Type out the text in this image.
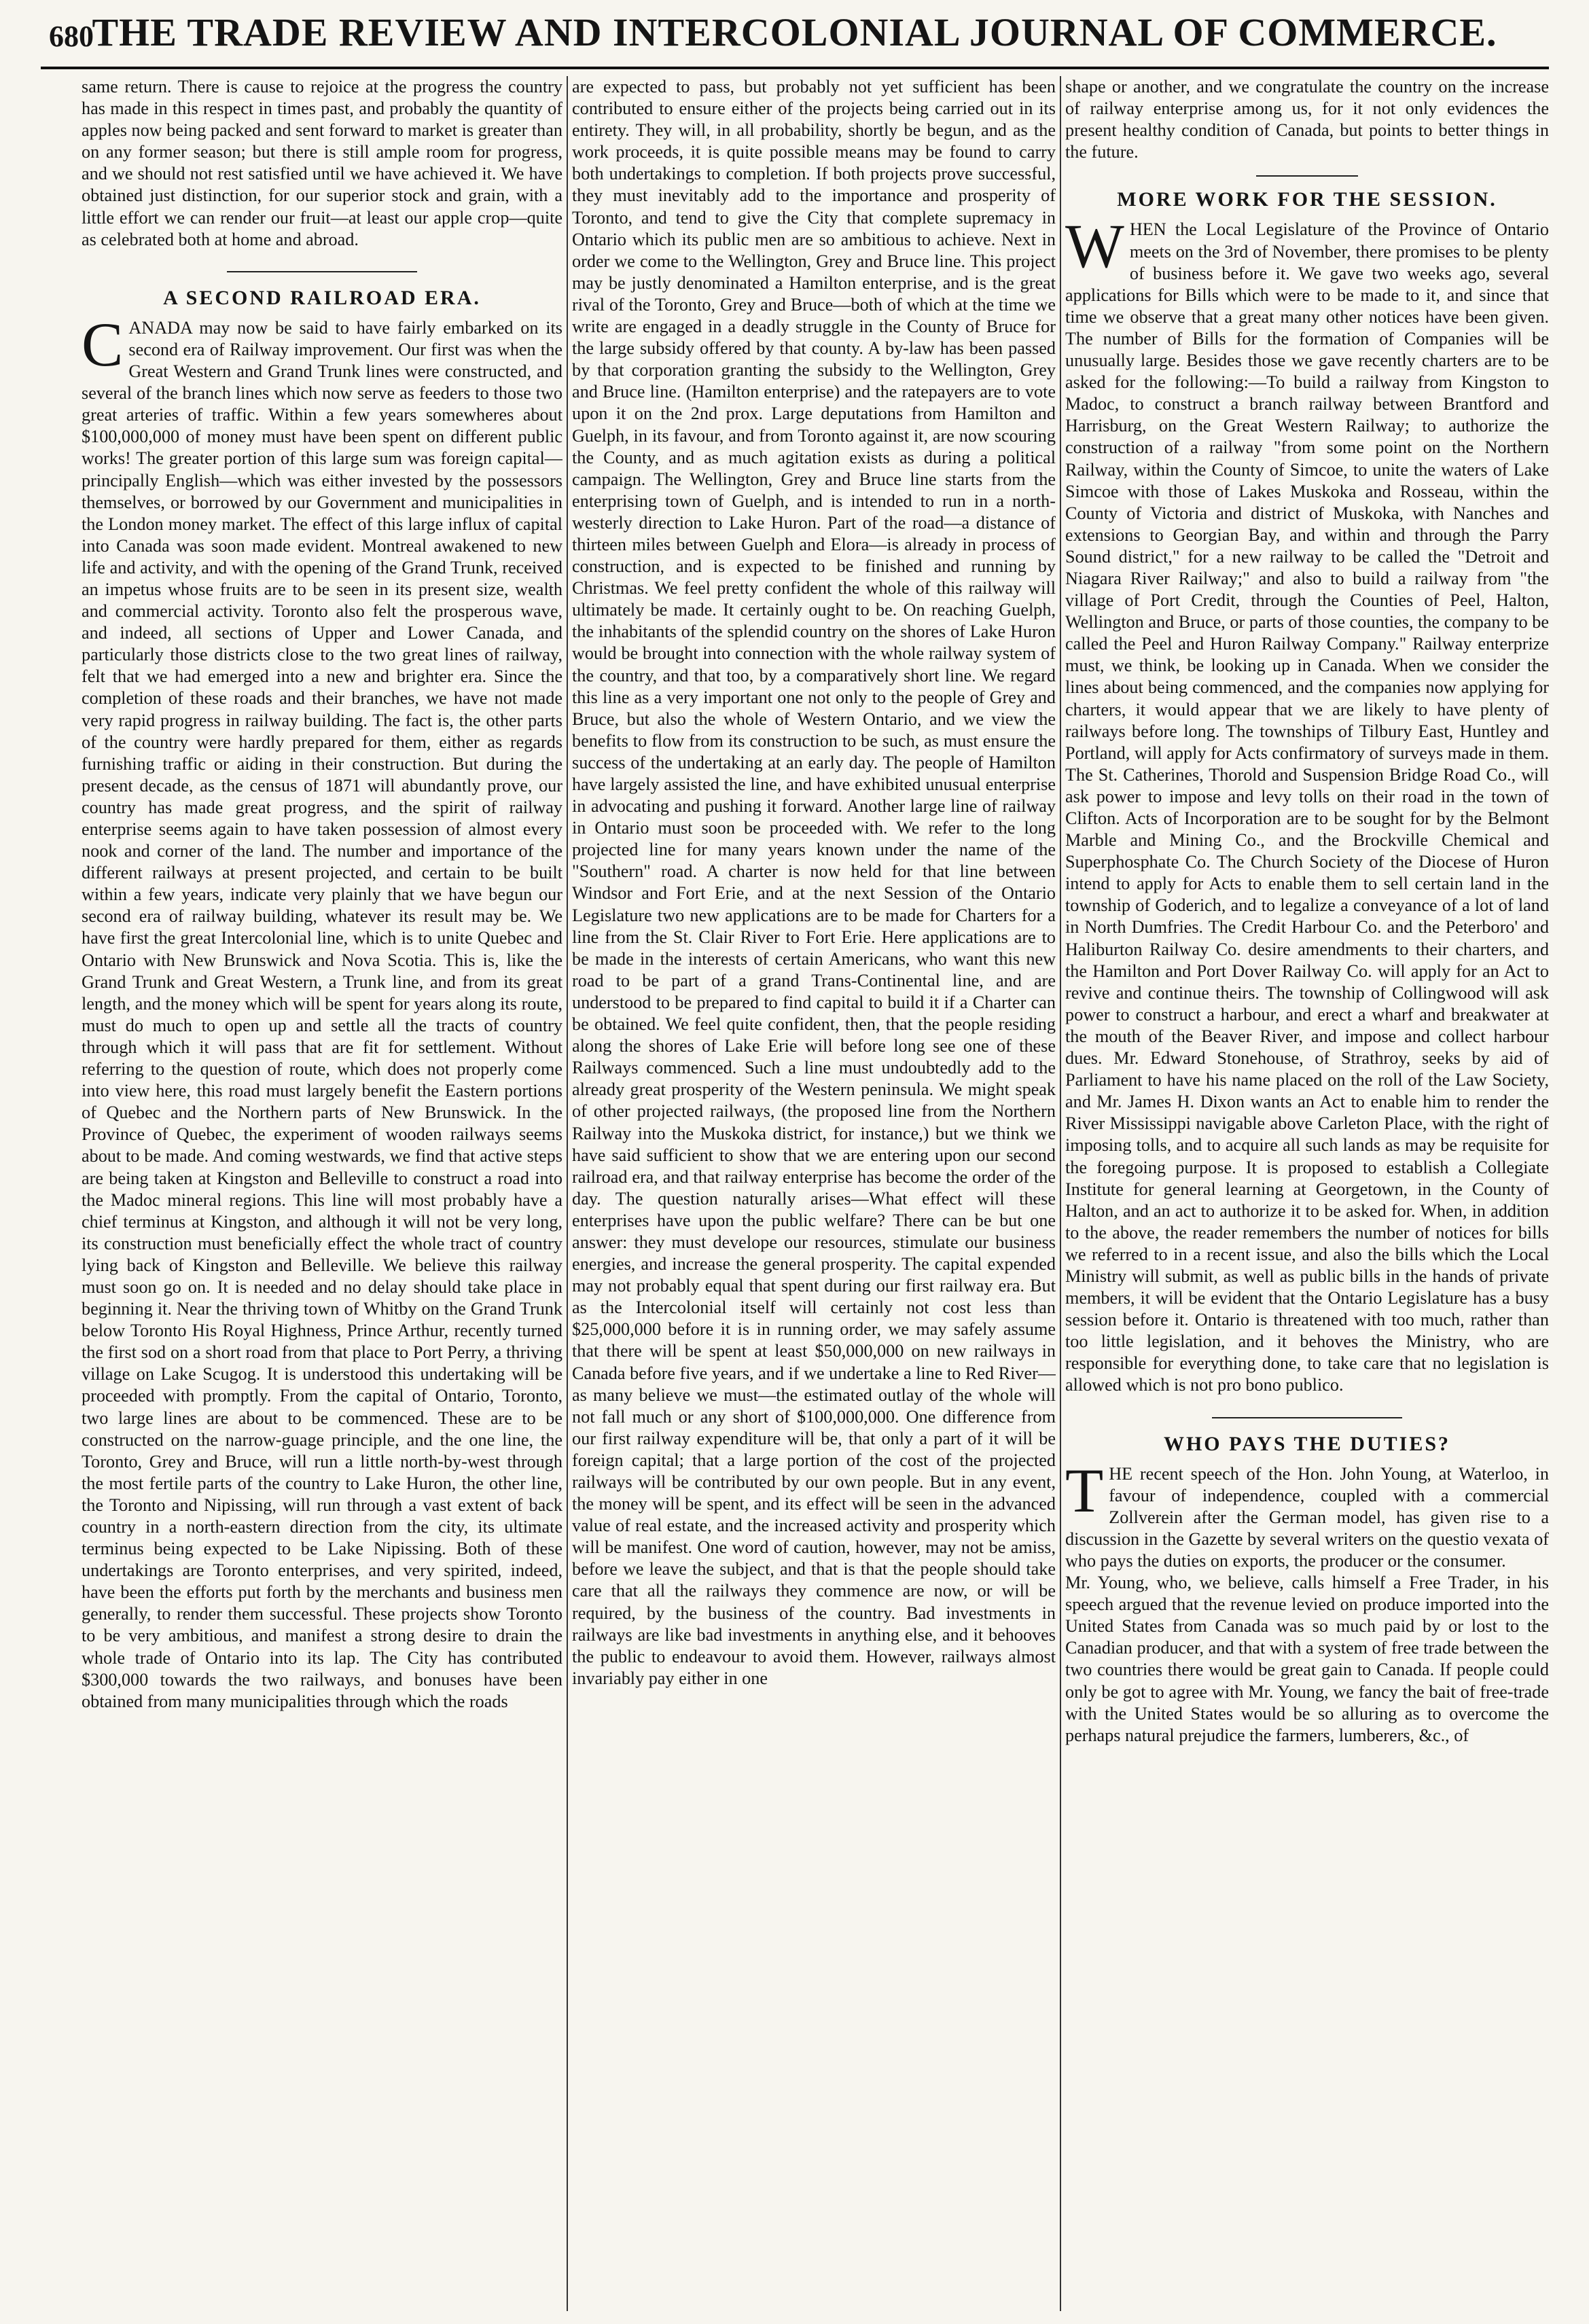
680
THE TRADE REVIEW AND INTERCOLONIAL JOURNAL OF COMMERCE.

same return. There is cause to rejoice at the progress the country has made in this respect in times past, and probably the quantity of apples now being packed and sent forward to market is greater than on any former season; but there is still ample room for progress, and we should not rest satisfied until we have achieved it. We have obtained just distinction, for our superior stock and grain, with a little effort we can render our fruit—at least our apple crop—quite as celebrated both at home and abroad.

A SECOND RAILROAD ERA.

CANADA may now be said to have fairly embarked on its second era of Railway improvement. Our first was when the Great Western and Grand Trunk lines were constructed, and several of the branch lines which now serve as feeders to those two great arteries of traffic. Within a few years somewheres about $100,000,000 of money must have been spent on different public works! The greater portion of this large sum was foreign capital—principally English—which was either invested by the possessors themselves, or borrowed by our Government and municipalities in the London money market. The effect of this large influx of capital into Canada was soon made evident. Montreal awakened to new life and activity, and with the opening of the Grand Trunk, received an impetus whose fruits are to be seen in its present size, wealth and commercial activity. Toronto also felt the prosperous wave, and indeed, all sections of Upper and Lower Canada, and particularly those districts close to the two great lines of railway, felt that we had emerged into a new and brighter era. Since the completion of these roads and their branches, we have not made very rapid progress in railway building. The fact is, the other parts of the country were hardly prepared for them, either as regards furnishing traffic or aiding in their construction. But during the present decade, as the census of 1871 will abundantly prove, our country has made great progress, and the spirit of railway enterprise seems again to have taken possession of almost every nook and corner of the land. The number and importance of the different railways at present projected, and certain to be built within a few years, indicate very plainly that we have begun our second era of railway building, whatever its result may be. We have first the great Intercolonial line, which is to unite Quebec and Ontario with New Brunswick and Nova Scotia. This is, like the Grand Trunk and Great Western, a Trunk line, and from its great length, and the money which will be spent for years along its route, must do much to open up and settle all the tracts of country through which it will pass that are fit for settlement. Without referring to the question of route, which does not properly come into view here, this road must largely benefit the Eastern portions of Quebec and the Northern parts of New Brunswick. In the Province of Quebec, the experiment of wooden railways seems about to be made. And coming westwards, we find that active steps are being taken at Kingston and Belleville to construct a road into the Madoc mineral regions. This line will most probably have a chief terminus at Kingston, and although it will not be very long, its construction must beneficially effect the whole tract of country lying back of Kingston and Belleville. We believe this railway must soon go on. It is needed and no delay should take place in beginning it. Near the thriving town of Whitby on the Grand Trunk below Toronto His Royal Highness, Prince Arthur, recently turned the first sod on a short road from that place to Port Perry, a thriving village on Lake Scugog. It is understood this undertaking will be proceeded with promptly. From the capital of Ontario, Toronto, two large lines are about to be commenced. These are to be constructed on the narrow-guage principle, and the one line, the Toronto, Grey and Bruce, will run a little north-by-west through the most fertile parts of the country to Lake Huron, the other line, the Toronto and Nipissing, will run through a vast extent of back country in a north-eastern direction from the city, its ultimate terminus being expected to be Lake Nipissing. Both of these undertakings are Toronto enterprises, and very spirited, indeed, have been the efforts put forth by the merchants and business men generally, to render them successful. These projects show Toronto to be very ambitious, and manifest a strong desire to drain the whole trade of Ontario into its lap. The City has contributed $300,000 towards the two railways, and bonuses have been obtained from many municipalities through which the roads

are expected to pass, but probably not yet sufficient has been contributed to ensure either of the projects being carried out in its entirety. They will, in all probability, shortly be begun, and as the work proceeds, it is quite possible means may be found to carry both undertakings to completion. If both projects prove successful, they must inevitably add to the importance and prosperity of Toronto, and tend to give the City that complete supremacy in Ontario which its public men are so ambitious to achieve. Next in order we come to the Wellington, Grey and Bruce line. This project may be justly denominated a Hamilton enterprise, and is the great rival of the Toronto, Grey and Bruce—both of which at the time we write are engaged in a deadly struggle in the County of Bruce for the large subsidy offered by that county. A by-law has been passed by that corporation granting the subsidy to the Wellington, Grey and Bruce line. (Hamilton enterprise) and the ratepayers are to vote upon it on the 2nd prox. Large deputations from Hamilton and Guelph, in its favour, and from Toronto against it, are now scouring the County, and as much agitation exists as during a political campaign. The Wellington, Grey and Bruce line starts from the enterprising town of Guelph, and is intended to run in a north-westerly direction to Lake Huron. Part of the road—a distance of thirteen miles between Guelph and Elora—is already in process of construction, and is expected to be finished and running by Christmas. We feel pretty confident the whole of this railway will ultimately be made. It certainly ought to be. On reaching Guelph, the inhabitants of the splendid country on the shores of Lake Huron would be brought into connection with the whole railway system of the country, and that too, by a comparatively short line. We regard this line as a very important one not only to the people of Grey and Bruce, but also the whole of Western Ontario, and we view the benefits to flow from its construction to be such, as must ensure the success of the undertaking at an early day. The people of Hamilton have largely assisted the line, and have exhibited unusual enterprise in advocating and pushing it forward. Another large line of railway in Ontario must soon be proceeded with. We refer to the long projected line for many years known under the name of the "Southern" road. A charter is now held for that line between Windsor and Fort Erie, and at the next Session of the Ontario Legislature two new applications are to be made for Charters for a line from the St. Clair River to Fort Erie. Here applications are to be made in the interests of certain Americans, who want this new road to be part of a grand Trans-Continental line, and are understood to be prepared to find capital to build it if a Charter can be obtained. We feel quite confident, then, that the people residing along the shores of Lake Erie will before long see one of these Railways commenced. Such a line must undoubtedly add to the already great prosperity of the Western peninsula. We might speak of other projected railways, (the proposed line from the Northern Railway into the Muskoka district, for instance,) but we think we have said sufficient to show that we are entering upon our second railroad era, and that railway enterprise has become the order of the day. The question naturally arises—What effect will these enterprises have upon the public welfare? There can be but one answer: they must develope our resources, stimulate our business energies, and increase the general prosperity. The capital expended may not probably equal that spent during our first railway era. But as the Intercolonial itself will certainly not cost less than $25,000,000 before it is in running order, we may safely assume that there will be spent at least $50,000,000 on new railways in Canada before five years, and if we undertake a line to Red River—as many believe we must—the estimated outlay of the whole will not fall much or any short of $100,000,000. One difference from our first railway expenditure will be, that only a part of it will be foreign capital; that a large portion of the cost of the projected railways will be contributed by our own people. But in any event, the money will be spent, and its effect will be seen in the advanced value of real estate, and the increased activity and prosperity which will be manifest. One word of caution, however, may not be amiss, before we leave the subject, and that is that the people should take care that all the railways they commence are now, or will be required, by the business of the country. Bad investments in railways are like bad investments in anything else, and it behooves the public to endeavour to avoid them. However, railways almost invariably pay either in one

shape or another, and we congratulate the country on the increase of railway enterprise among us, for it not only evidences the present healthy condition of Canada, but points to better things in the future.

MORE WORK FOR THE SESSION.

WHEN the Local Legislature of the Province of Ontario meets on the 3rd of November, there promises to be plenty of business before it. We gave two weeks ago, several applications for Bills which were to be made to it, and since that time we observe that a great many other notices have been given. The number of Bills for the formation of Companies will be unusually large. Besides those we gave recently charters are to be asked for the following:—To build a railway from Kingston to Madoc, to construct a branch railway between Brantford and Harrisburg, on the Great Western Railway; to authorize the construction of a railway "from some point on the Northern Railway, within the County of Simcoe, to unite the waters of Lake Simcoe with those of Lakes Muskoka and Rosseau, within the County of Victoria and district of Muskoka, with Nanches and extensions to Georgian Bay, and within and through the Parry Sound district," for a new railway to be called the "Detroit and Niagara River Railway;" and also to build a railway from "the village of Port Credit, through the Counties of Peel, Halton, Wellington and Bruce, or parts of those counties, the company to be called the Peel and Huron Railway Company." Railway enterprize must, we think, be looking up in Canada. When we consider the lines about being commenced, and the companies now applying for charters, it would appear that we are likely to have plenty of railways before long. The townships of Tilbury East, Huntley and Portland, will apply for Acts confirmatory of surveys made in them. The St. Catherines, Thorold and Suspension Bridge Road Co., will ask power to impose and levy tolls on their road in the town of Clifton. Acts of Incorporation are to be sought for by the Belmont Marble and Mining Co., and the Brockville Chemical and Superphosphate Co. The Church Society of the Diocese of Huron intend to apply for Acts to enable them to sell certain land in the township of Goderich, and to legalize a conveyance of a lot of land in North Dumfries. The Credit Harbour Co. and the Peterboro' and Haliburton Railway Co. desire amendments to their charters, and the Hamilton and Port Dover Railway Co. will apply for an Act to revive and continue theirs. The township of Collingwood will ask power to construct a harbour, and erect a wharf and breakwater at the mouth of the Beaver River, and impose and collect harbour dues. Mr. Edward Stonehouse, of Strathroy, seeks by aid of Parliament to have his name placed on the roll of the Law Society, and Mr. James H. Dixon wants an Act to enable him to render the River Mississippi navigable above Carleton Place, with the right of imposing tolls, and to acquire all such lands as may be requisite for the foregoing purpose. It is proposed to establish a Collegiate Institute for general learning at Georgetown, in the County of Halton, and an act to authorize it to be asked for. When, in addition to the above, the reader remembers the number of notices for bills we referred to in a recent issue, and also the bills which the Local Ministry will submit, as well as public bills in the hands of private members, it will be evident that the Ontario Legislature has a busy session before it. Ontario is threatened with too much, rather than too little legislation, and it behoves the Ministry, who are responsible for everything done, to take care that no legislation is allowed which is not pro bono publico.

WHO PAYS THE DUTIES?

THE recent speech of the Hon. John Young, at Waterloo, in favour of independence, coupled with a commercial Zollverein after the German model, has given rise to a discussion in the Gazette by several writers on the questio vexata of who pays the duties on exports, the producer or the consumer.

Mr. Young, who, we believe, calls himself a Free Trader, in his speech argued that the revenue levied on produce imported into the United States from Canada was so much paid by or lost to the Canadian producer, and that with a system of free trade between the two countries there would be great gain to Canada. If people could only be got to agree with Mr. Young, we fancy the bait of free-trade with the United States would be so alluring as to overcome the perhaps natural prejudice the farmers, lumberers, &c., of
